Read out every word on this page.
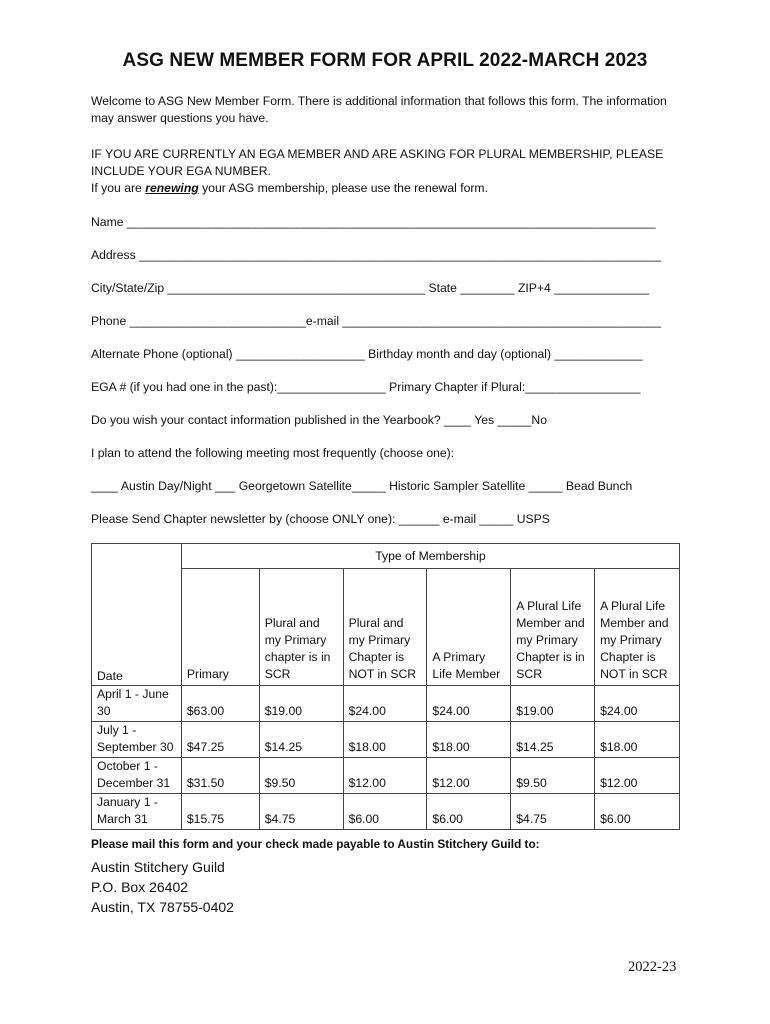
ASG NEW MEMBER FORM FOR APRIL 2022-MARCH 2023
Welcome to ASG New Member Form. There is additional information that follows this form. The information may answer questions you have.
IF YOU ARE CURRENTLY AN EGA MEMBER AND ARE ASKING FOR PLURAL MEMBERSHIP, PLEASE INCLUDE YOUR EGA NUMBER.
If you are renewing your ASG membership, please use the renewal form.
Name ______________________________________________________________________________
Address _____________________________________________________________________________
City/State/Zip ______________________________________ State ________ ZIP+4 ______________
Phone __________________________e-mail _______________________________________________
Alternate Phone (optional) ___________________ Birthday month and day (optional) _____________
EGA # (if you had one in the past):________________ Primary Chapter if Plural:_________________
Do you wish your contact information published in the Yearbook? ____ Yes _____No
I plan to attend the following meeting most frequently (choose one):
____ Austin Day/Night ___ Georgetown Satellite_____ Historic Sampler Satellite _____ Bead Bunch
Please Send Chapter newsletter by (choose ONLY one): ______ e-mail _____ USPS
Date	Type of Membership					
	Primary	Plural and my Primary chapter is in SCR	Plural and my Primary Chapter is NOT in SCR	A Primary Life Member	A Plural Life Member and my Primary Chapter is in SCR	A Plural Life Member and my Primary Chapter is NOT in SCR
April 1 - June 30	$63.00	$19.00	$24.00	$24.00	$19.00	$24.00
July 1 - September 30	$47.25	$14.25	$18.00	$18.00	$14.25	$18.00
October 1 - December 31	$31.50	$9.50	$12.00	$12.00	$9.50	$12.00
January 1 - March 31	$15.75	$4.75	$6.00	$6.00	$4.75	$6.00
Please mail this form and your check made payable to Austin Stitchery Guild to:
Austin Stitchery Guild
P.O. Box 26402
Austin, TX 78755-0402
2022-23
